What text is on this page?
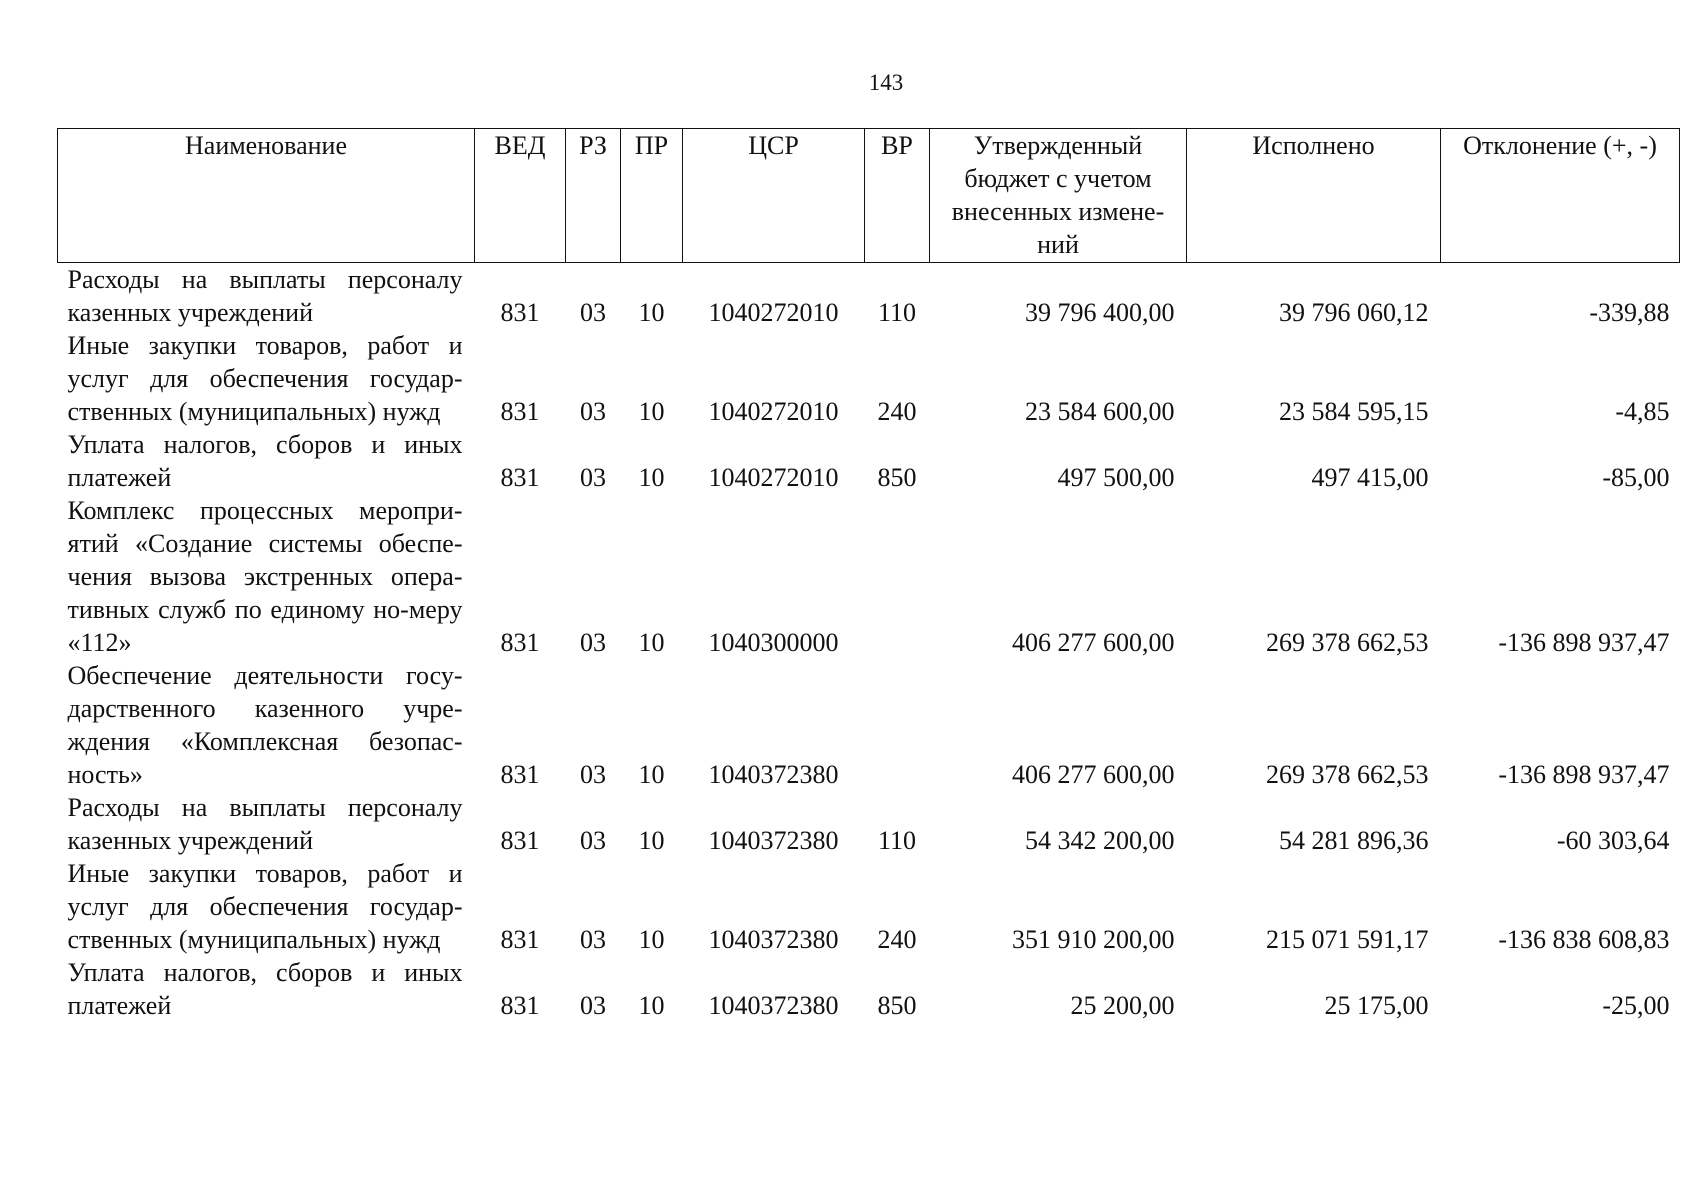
143
Наименование	ВЕД	РЗ	ПР	ЦСР	ВР	Утвержденный бюджет с учетом внесенных измене-ний	Исполнено	Отклонение (+, -)
Расходы на выплаты персоналу казенных учреждений	831	03	10	1040272010	110	39 796 400,00	39 796 060,12	-339,88
Иные закупки товаров, работ и услуг для обеспечения государ-ственных (муниципальных) нужд	831	03	10	1040272010	240	23 584 600,00	23 584 595,15	-4,85
Уплата налогов, сборов и иных платежей	831	03	10	1040272010	850	497 500,00	497 415,00	-85,00
Комплекс процессных меропри-ятий «Создание системы обеспе-чения вызова экстренных опера-тивных служб по единому но-меру «112»	831	03	10	1040300000		406 277 600,00	269 378 662,53	-136 898 937,47
Обеспечение деятельности госу-дарственного казенного учре-ждения «Комплексная безопас-ность»	831	03	10	1040372380		406 277 600,00	269 378 662,53	-136 898 937,47
Расходы на выплаты персоналу казенных учреждений	831	03	10	1040372380	110	54 342 200,00	54 281 896,36	-60 303,64
Иные закупки товаров, работ и услуг для обеспечения государ-ственных (муниципальных) нужд	831	03	10	1040372380	240	351 910 200,00	215 071 591,17	-136 838 608,83
Уплата налогов, сборов и иных платежей	831	03	10	1040372380	850	25 200,00	25 175,00	-25,00
